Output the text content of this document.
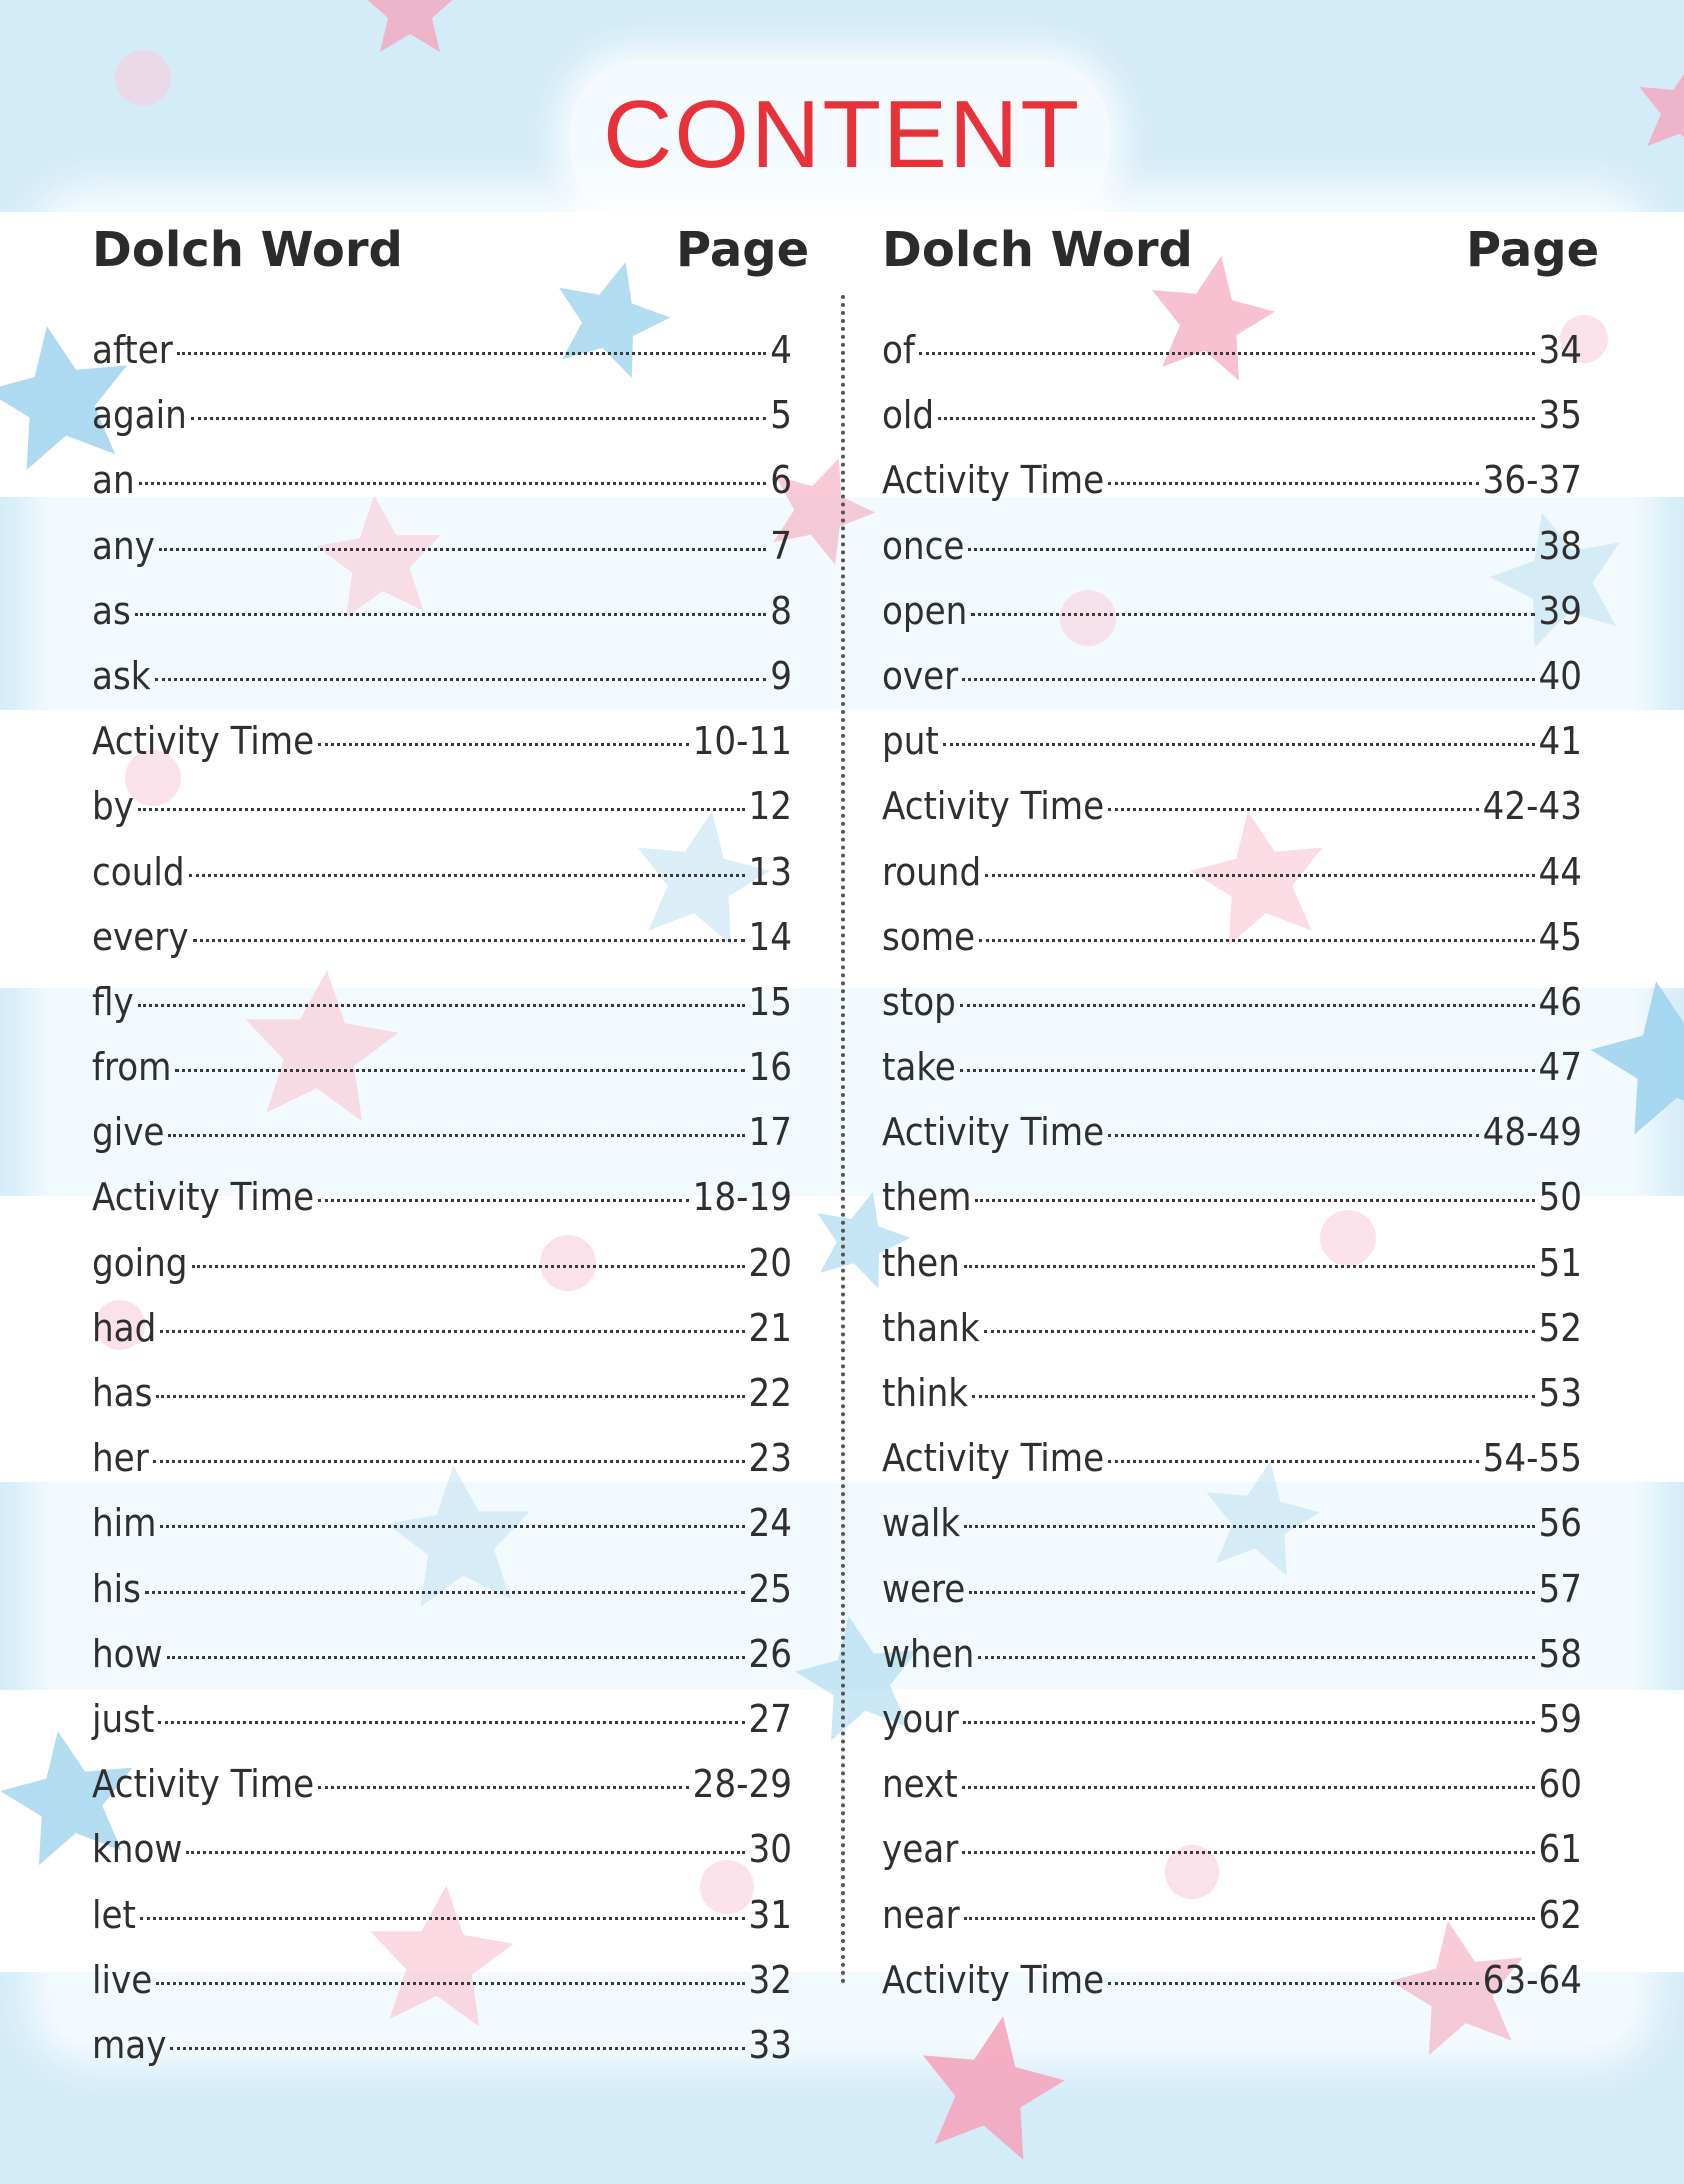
CONTENT
Dolch Word	Page Dolch Word	Page
after	4
again	5
an	6
any	7
as	8
ask	9
Activity Time	10-11
by	12
could	13
every	14
fly	15
from	16
give	17
Activity Time	18-19
going	20
had	21
has	22
her	23
him	24
his	25
how	26
just	27
Activity Time	28-29
know	30
let	31
live	32
may	33
of	34
old	35
Activity Time	36-37
once	38
open	39
over	40
put	41
Activity Time	42-43
round	44
some	45
stop	46
take	47
Activity Time	48-49
them	50
then	51
thank	52
think	53
Activity Time	54-55
walk	56
were	57
when	58
your	59
next	60
year	61
near	62
Activity Time	63-64
